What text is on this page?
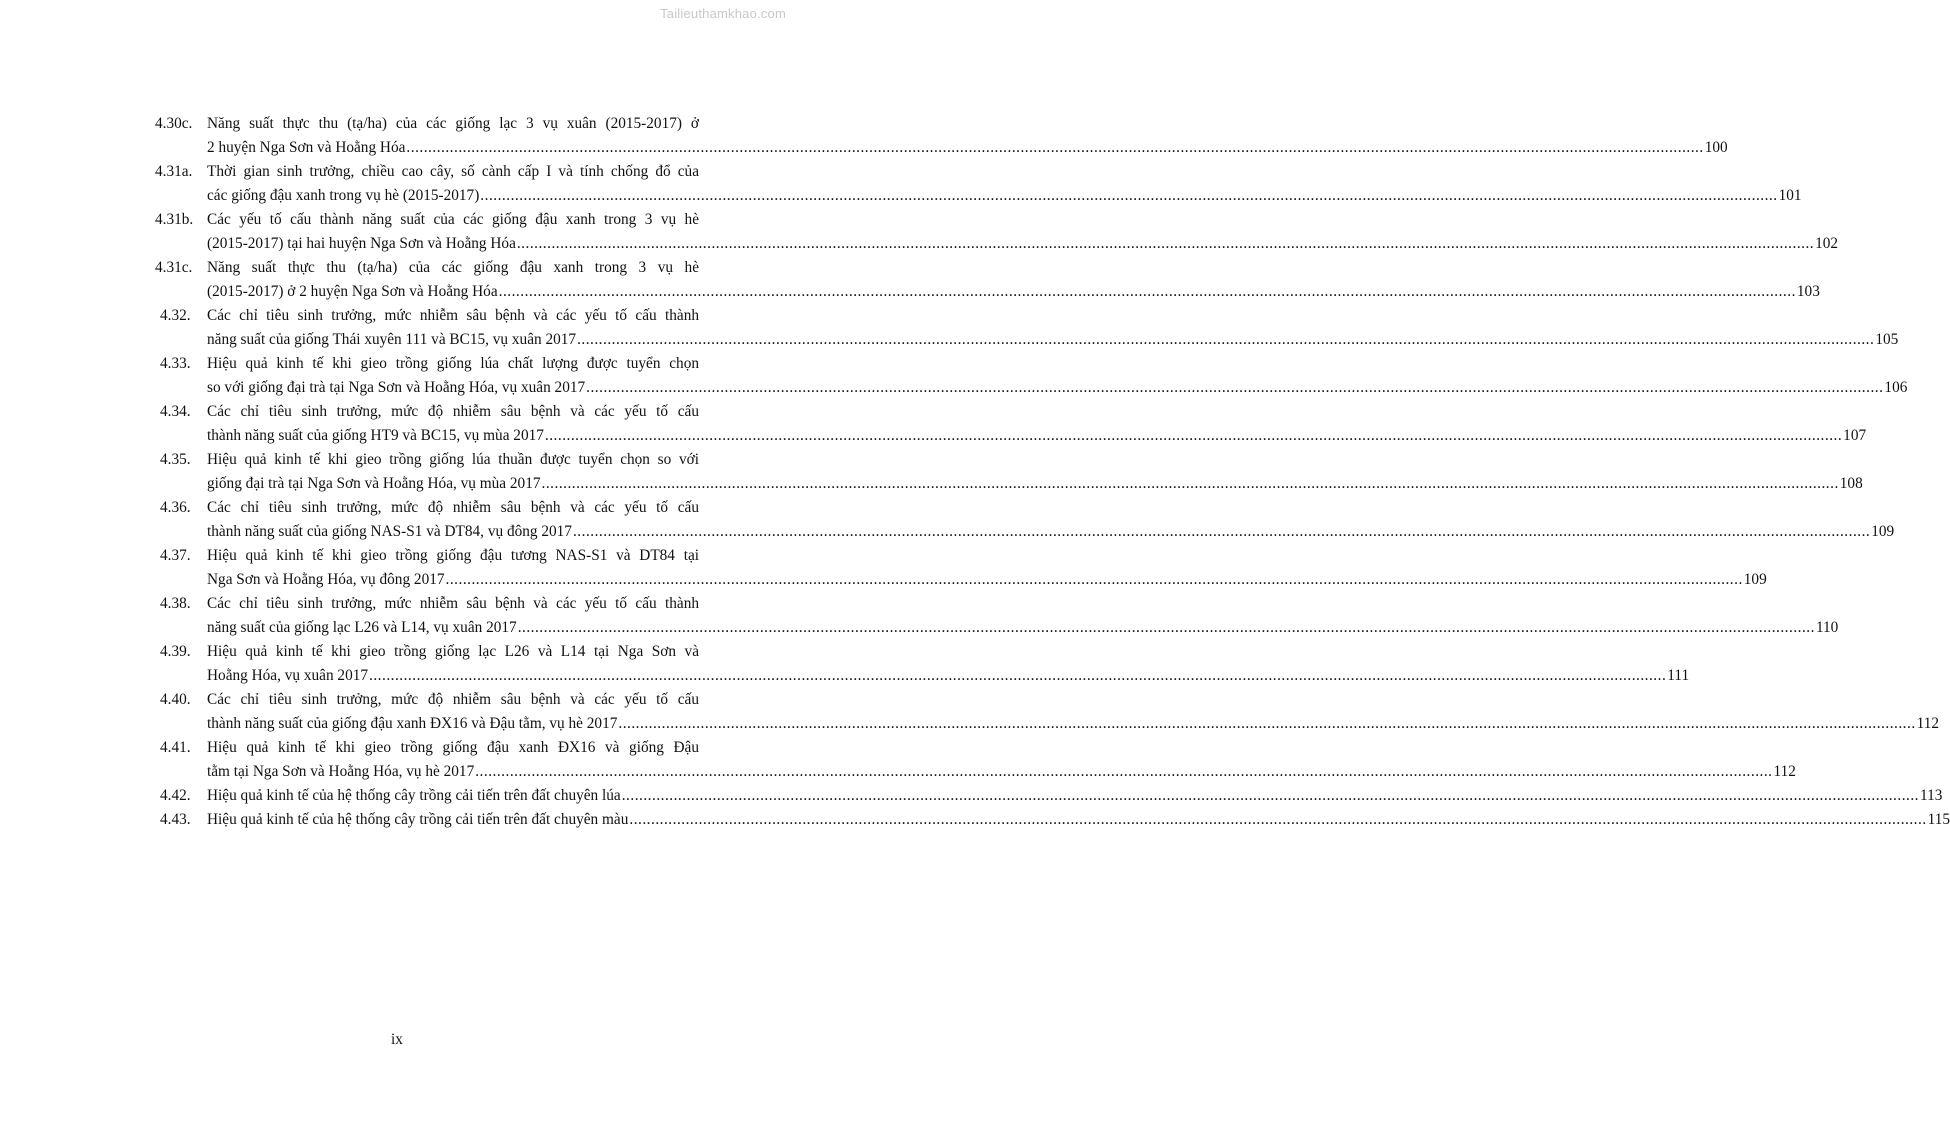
Tailieuthamkhao.com
4.30c. Năng suất thực thu (tạ/ha) của các giống lạc 3 vụ xuân (2015-2017) ở
2 huyện Nga Sơn và Hoằng Hóa ............................................................................................................................................................................................................................................................................................................ 100
4.31a. Thời gian sinh trưởng, chiều cao cây, số cành cấp I và tính chống đổ của
các giống đậu xanh trong vụ hè (2015-2017) ............................................................................................................................................................................................................................................................................................................ 101
4.31b. Các yếu tố cấu thành năng suất của các giống đậu xanh trong 3 vụ hè
(2015-2017) tại hai huyện Nga Sơn và Hoằng Hóa ............................................................................................................................................................................................................................................................................................................ 102
4.31c. Năng suất thực thu (tạ/ha) của các giống đậu xanh trong 3 vụ hè
(2015-2017) ở 2 huyện Nga Sơn và Hoằng Hóa ............................................................................................................................................................................................................................................................................................................ 103
4.32. Các chỉ tiêu sinh trưởng, mức nhiễm sâu bệnh và các yếu tố cấu thành
năng suất của giống Thái xuyên 111 và BC15, vụ xuân 2017 ............................................................................................................................................................................................................................................................................................................ 105
4.33. Hiệu quả kinh tế khi gieo trồng giống lúa chất lượng được tuyển chọn
so với giống đại trà tại Nga Sơn và Hoằng Hóa, vụ xuân 2017 ............................................................................................................................................................................................................................................................................................................ 106
4.34. Các chỉ tiêu sinh trưởng, mức độ nhiễm sâu bệnh và các yếu tố cấu
thành năng suất của giống HT9 và BC15, vụ mùa 2017 ............................................................................................................................................................................................................................................................................................................ 107
4.35. Hiệu quả kinh tế khi gieo trồng giống lúa thuần được tuyển chọn so với
giống đại trà tại Nga Sơn và Hoằng Hóa, vụ mùa 2017 ............................................................................................................................................................................................................................................................................................................ 108
4.36. Các chỉ tiêu sinh trưởng, mức độ nhiễm sâu bệnh và các yếu tố cấu
thành năng suất của giống NAS-S1 và DT84, vụ đông 2017 ............................................................................................................................................................................................................................................................................................................ 109
4.37. Hiệu quả kinh tế khi gieo trồng giống đậu tương NAS-S1 và DT84 tại
Nga Sơn và Hoằng Hóa, vụ đông 2017 ............................................................................................................................................................................................................................................................................................................ 109
4.38. Các chỉ tiêu sinh trưởng, mức nhiễm sâu bệnh và các yếu tố cấu thành
năng suất của giống lạc L26 và L14, vụ xuân 2017 ............................................................................................................................................................................................................................................................................................................ 110
4.39. Hiệu quả kinh tế khi gieo trồng giống lạc L26 và L14 tại Nga Sơn và
Hoằng Hóa, vụ xuân 2017 ............................................................................................................................................................................................................................................................................................................ 111
4.40. Các chỉ tiêu sinh trưởng, mức độ nhiễm sâu bệnh và các yếu tố cấu
thành năng suất của giống đậu xanh ĐX16 và Đậu tằm, vụ hè 2017 ............................................................................................................................................................................................................................................................................................................ 112
4.41. Hiệu quả kinh tế khi gieo trồng giống đậu xanh ĐX16 và giống Đậu
tằm tại Nga Sơn và Hoằng Hóa, vụ hè 2017 ............................................................................................................................................................................................................................................................................................................ 112
4.42. Hiệu quả kinh tế của hệ thống cây trồng cải tiến trên đất chuyên lúa ............................................................................................................................................................................................................................................................................................................ 113
4.43. Hiệu quả kinh tế của hệ thống cây trồng cải tiến trên đất chuyên màu ............................................................................................................................................................................................................................................................................................................ 115
ix
